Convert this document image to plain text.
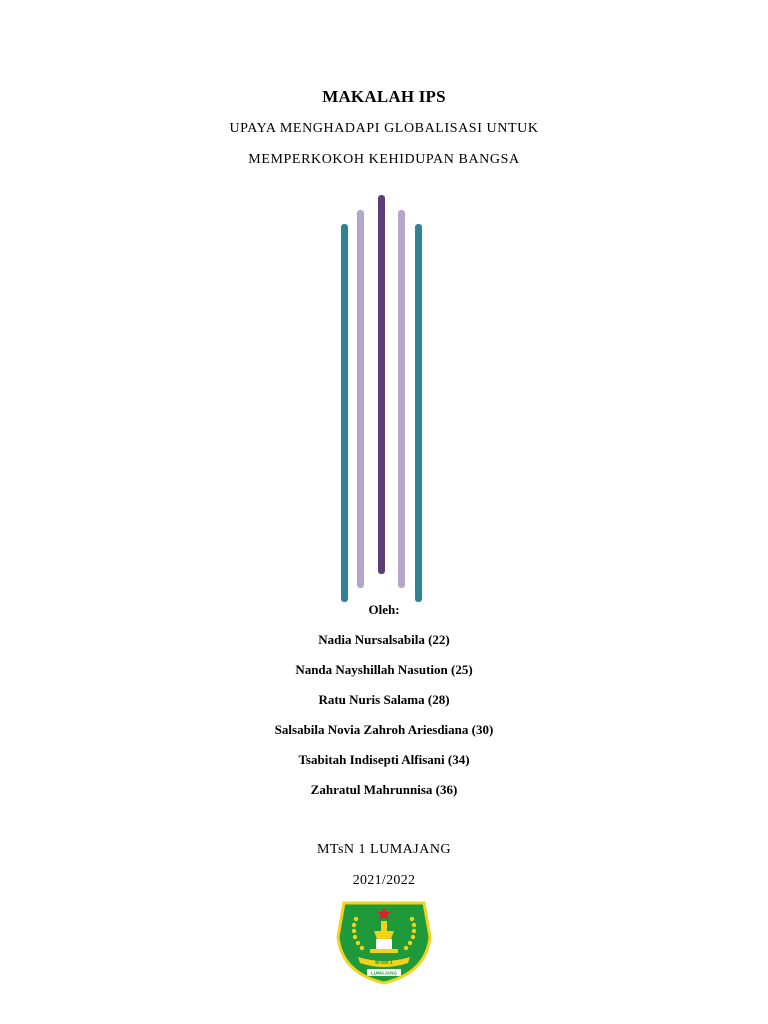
MAKALAH IPS
UPAYA MENGHADAPI GLOBALISASI UNTUK
MEMPERKOKOH KEHIDUPAN BANGSA
Oleh:
Nadia Nursalsabila (22)
Nanda Nayshillah Nasution (25)
Ratu Nuris Salama (28)
Salsabila Novia Zahroh Ariesdiana (30)
Tsabitah Indisepti Alfisani (34)
Zahratul Mahrunnisa (36)
MTsN 1 LUMAJANG
2021/2022
MTsN 1
LUMAJANG
